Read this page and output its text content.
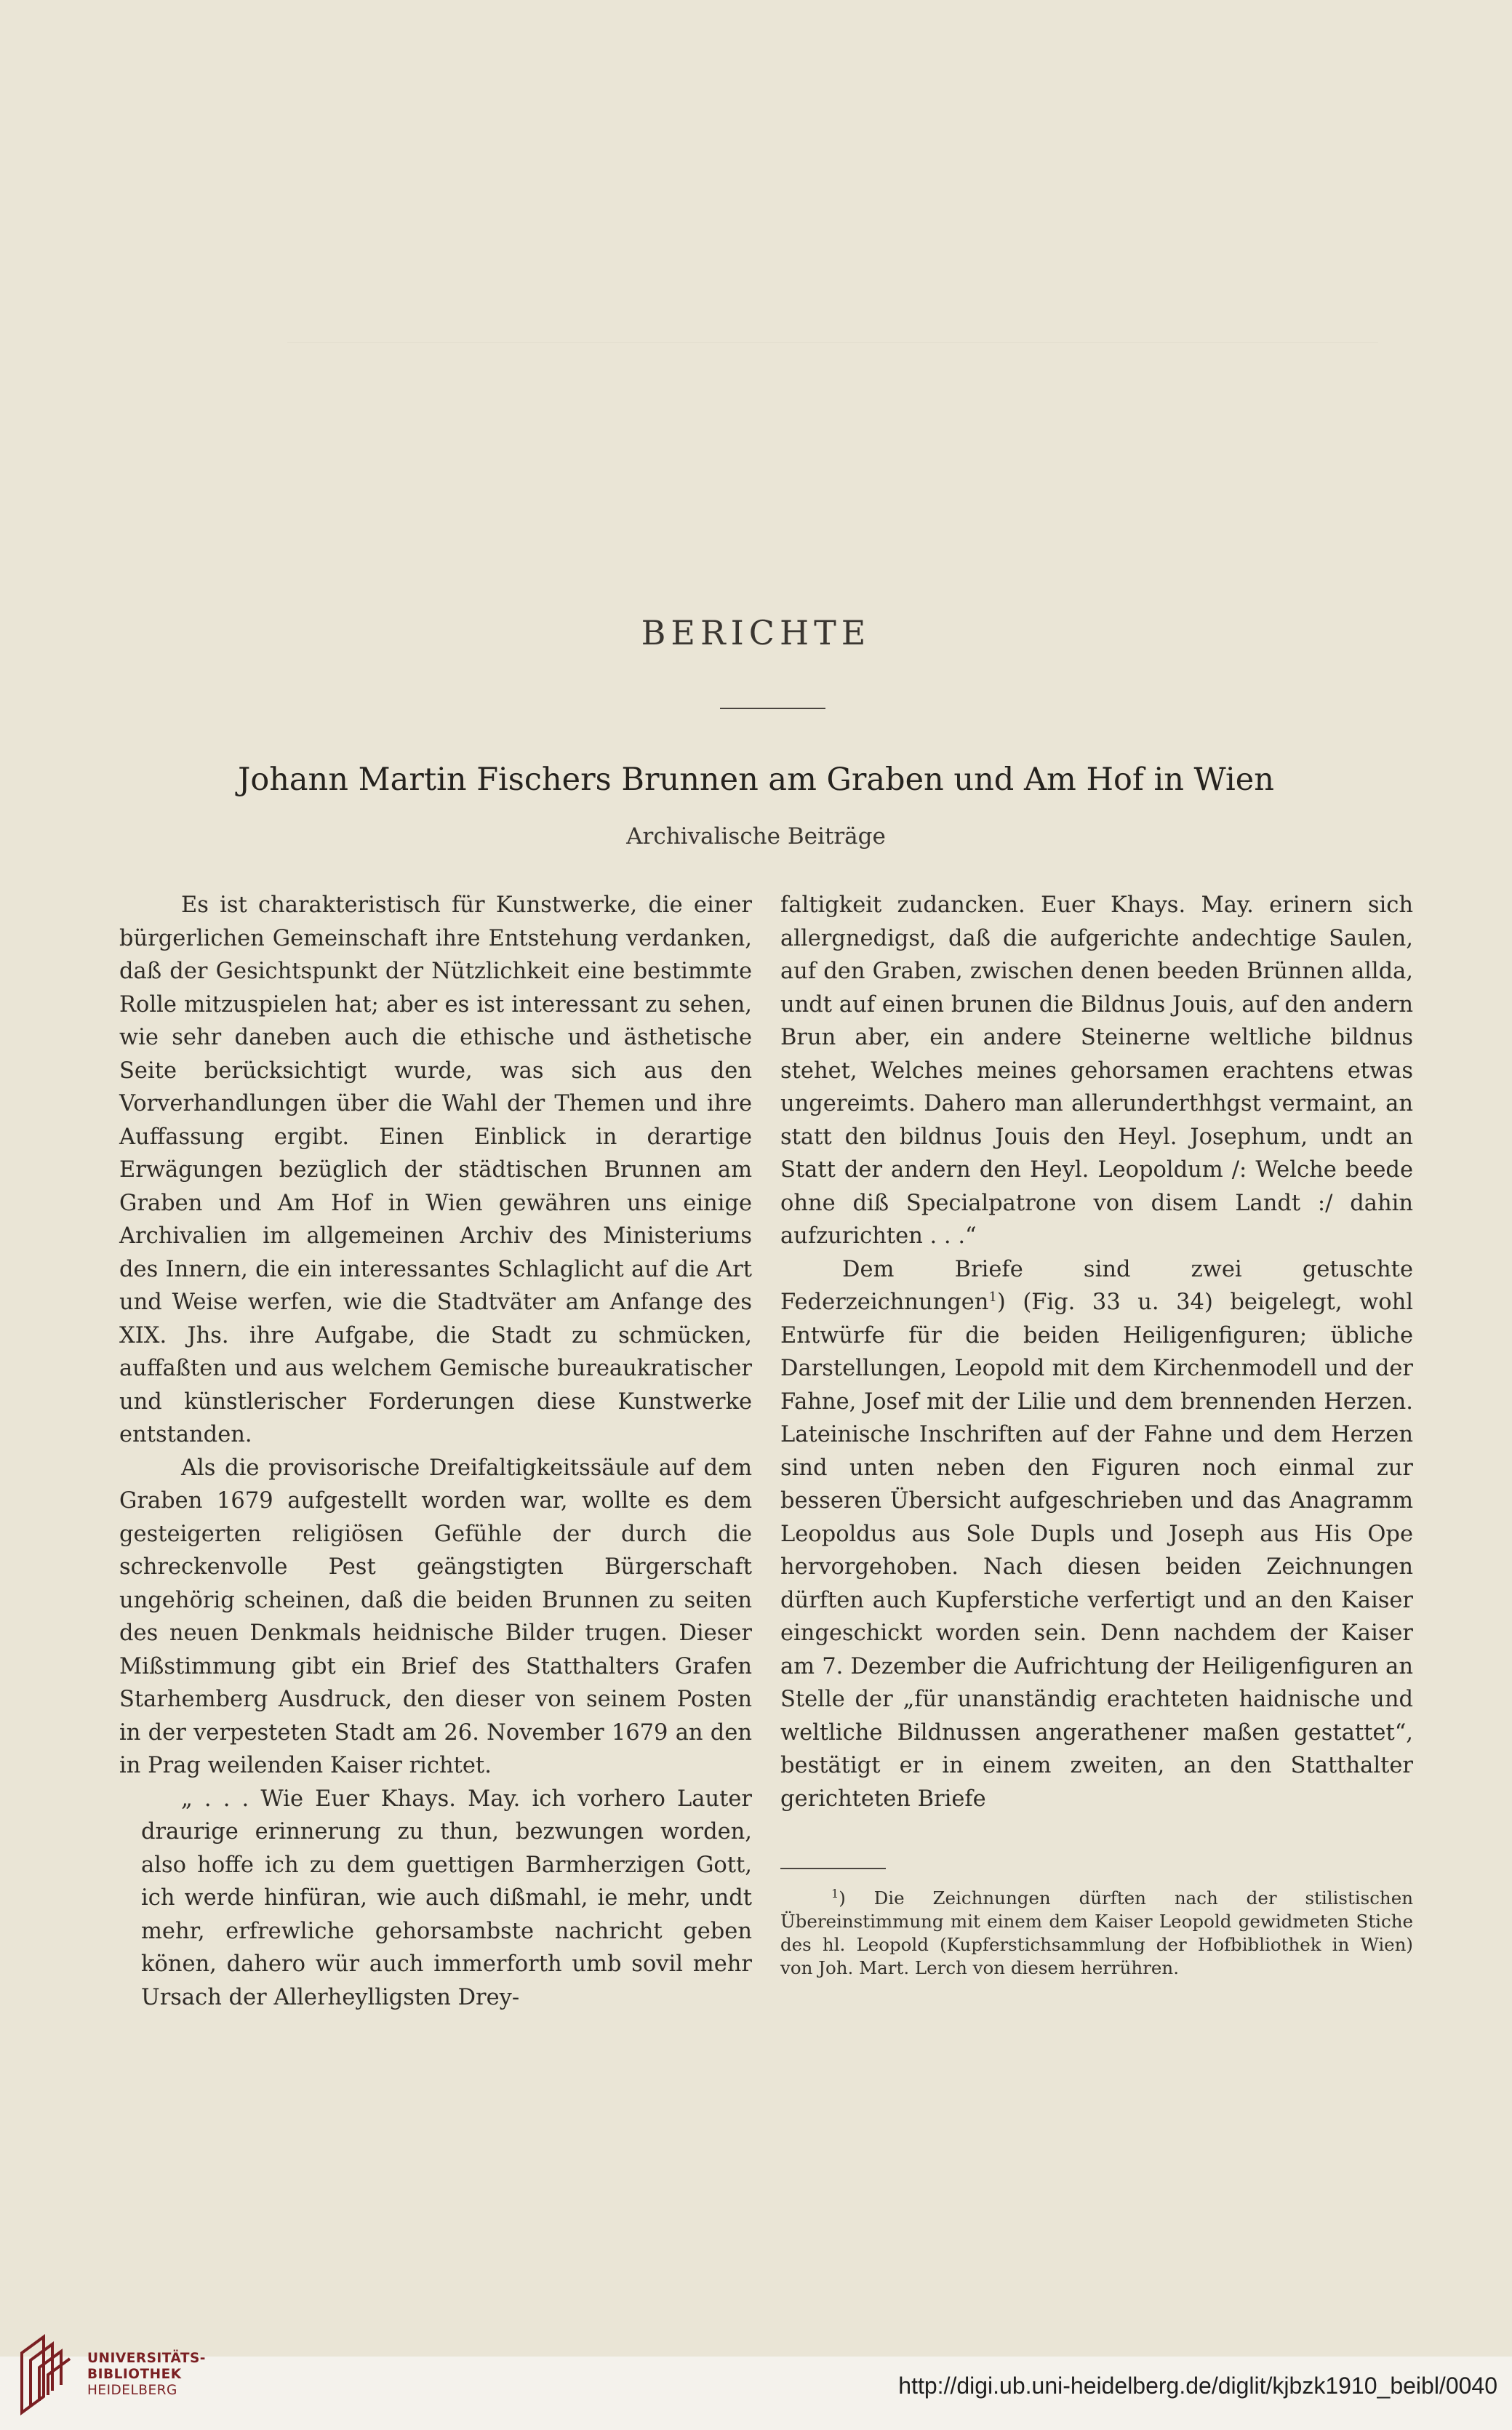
BERICHTE
Johann Martin Fischers Brunnen am Graben und Am Hof in Wien
Archivalische Beiträge

Es ist charakteristisch für Kunstwerke, die einer bürgerlichen Gemeinschaft ihre Entstehung verdanken, daß der Gesichtspunkt der Nützlichkeit eine bestimmte Rolle mitzuspielen hat; aber es ist interessant zu sehen, wie sehr daneben auch die ethische und ästhetische Seite berücksichtigt wurde, was sich aus den Vorverhandlungen über die Wahl der Themen und ihre Auffassung ergibt. Einen Einblick in derartige Erwägungen bezüglich der städtischen Brunnen am Graben und Am Hof in Wien gewähren uns einige Archivalien im allgemeinen Archiv des Ministeriums des Innern, die ein interessantes Schlaglicht auf die Art und Weise werfen, wie die Stadtväter am Anfange des XIX. Jhs. ihre Aufgabe, die Stadt zu schmücken, auffaßten und aus welchem Gemische bureaukratischer und künstlerischer Forderungen diese Kunstwerke entstanden.

Als die provisorische Dreifaltigkeitssäule auf dem Graben 1679 aufgestellt worden war, wollte es dem gesteigerten religiösen Gefühle der durch die schreckenvolle Pest geängstigten Bürgerschaft ungehörig scheinen, daß die beiden Brunnen zu seiten des neuen Denkmals heidnische Bilder trugen. Dieser Mißstimmung gibt ein Brief des Statthalters Grafen Starhemberg Ausdruck, den dieser von seinem Posten in der verpesteten Stadt am 26. November 1679 an den in Prag weilenden Kaiser richtet.

„ . . . Wie Euer Khays. May. ich vorhero Lauter draurige erinnerung zu thun, bezwungen worden, also hoffe ich zu dem guettigen Barmherzigen Gott, ich werde hinfüran, wie auch dißmahl, ie mehr, undt mehr, erfrewliche gehorsambste nachricht geben könen, dahero wür auch immerforth umb sovil mehr Ursach der Allerheylligsten Drey-

faltigkeit zudancken. Euer Khays. May. erinern sich allergnedigst, daß die aufgerichte andechtige Saulen, auf den Graben, zwischen denen beeden Brünnen allda, undt auf einen brunen die Bildnus Jouis, auf den andern Brun aber, ein andere Steinerne weltliche bildnus stehet, Welches meines gehorsamen erachtens etwas ungereimts. Dahero man allerunderthhgst vermaint, an statt den bildnus Jouis den Heyl. Josephum, undt an Statt der andern den Heyl. Leopoldum /: Welche beede ohne diß Specialpatrone von disem Landt :/ dahin aufzurichten . . .“

Dem Briefe sind zwei getuschte Federzeichnungen$^1$) (Fig. 33 u. 34) beigelegt, wohl Entwürfe für die beiden Heiligenfiguren; übliche Darstellungen, Leopold mit dem Kirchenmodell und der Fahne, Josef mit der Lilie und dem brennenden Herzen. Lateinische Inschriften auf der Fahne und dem Herzen sind unten neben den Figuren noch einmal zur besseren Übersicht aufgeschrieben und das Anagramm Leopoldus aus Sole Dupls und Joseph aus His Ope hervorgehoben. Nach diesen beiden Zeichnungen dürften auch Kupferstiche verfertigt und an den Kaiser eingeschickt worden sein. Denn nachdem der Kaiser am 7. Dezember die Aufrichtung der Heiligenfiguren an Stelle der „für unanständig erachteten haidnische und weltliche Bildnussen angerathener maßen gestattet“, bestätigt er in einem zweiten, an den Statthalter gerichteten Briefe

$^1$) Die Zeichnungen dürften nach der stilistischen Übereinstimmung mit einem dem Kaiser Leopold gewidmeten Stiche des hl. Leopold (Kupferstichsammlung der Hofbibliothek in Wien) von Joh. Mart. Lerch von diesem herrühren.

UNIVERSITÄTS-
BIBLIOTHEK
HEIDELBERG	http://digi.ub.uni-heidelberg.de/diglit/kjbzk1910_beibl/0040
